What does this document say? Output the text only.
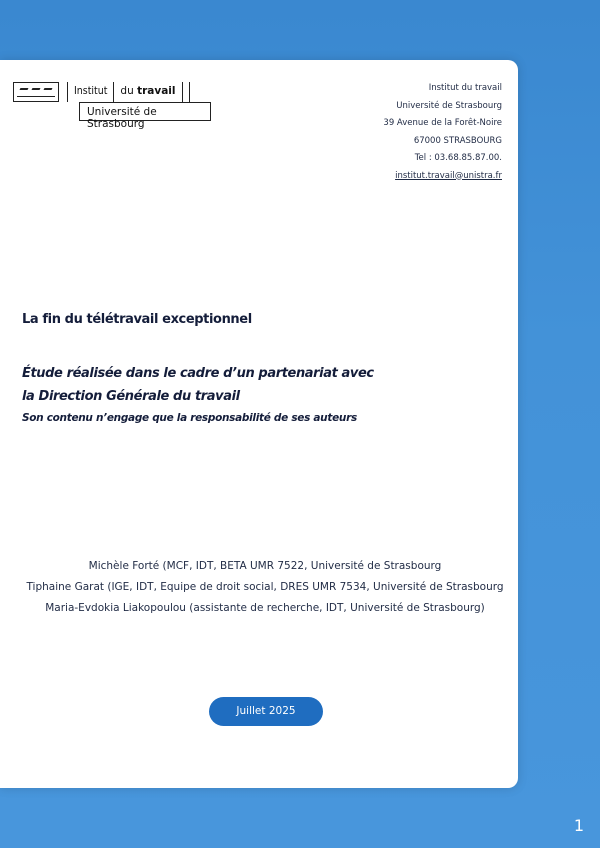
Institut	du travail
Université de Strasbourg
Institut du travail
Université de Strasbourg
39 Avenue de la Forêt-Noire
67000 STRASBOURG
Tel : 03.68.85.87.00.
institut.travail@unistra.fr
La fin du télétravail exceptionnel
Étude réalisée dans le cadre d’un partenariat avec
la Direction Générale du travail
Son contenu n’engage que la responsabilité de ses auteurs
Michèle Forté (MCF, IDT, BETA UMR 7522, Université de Strasbourg
Tiphaine Garat (IGE, IDT, Equipe de droit social, DRES UMR 7534, Université de Strasbourg
Maria-Evdokia Liakopoulou (assistante de recherche, IDT, Université de Strasbourg)
Juillet 2025
1
